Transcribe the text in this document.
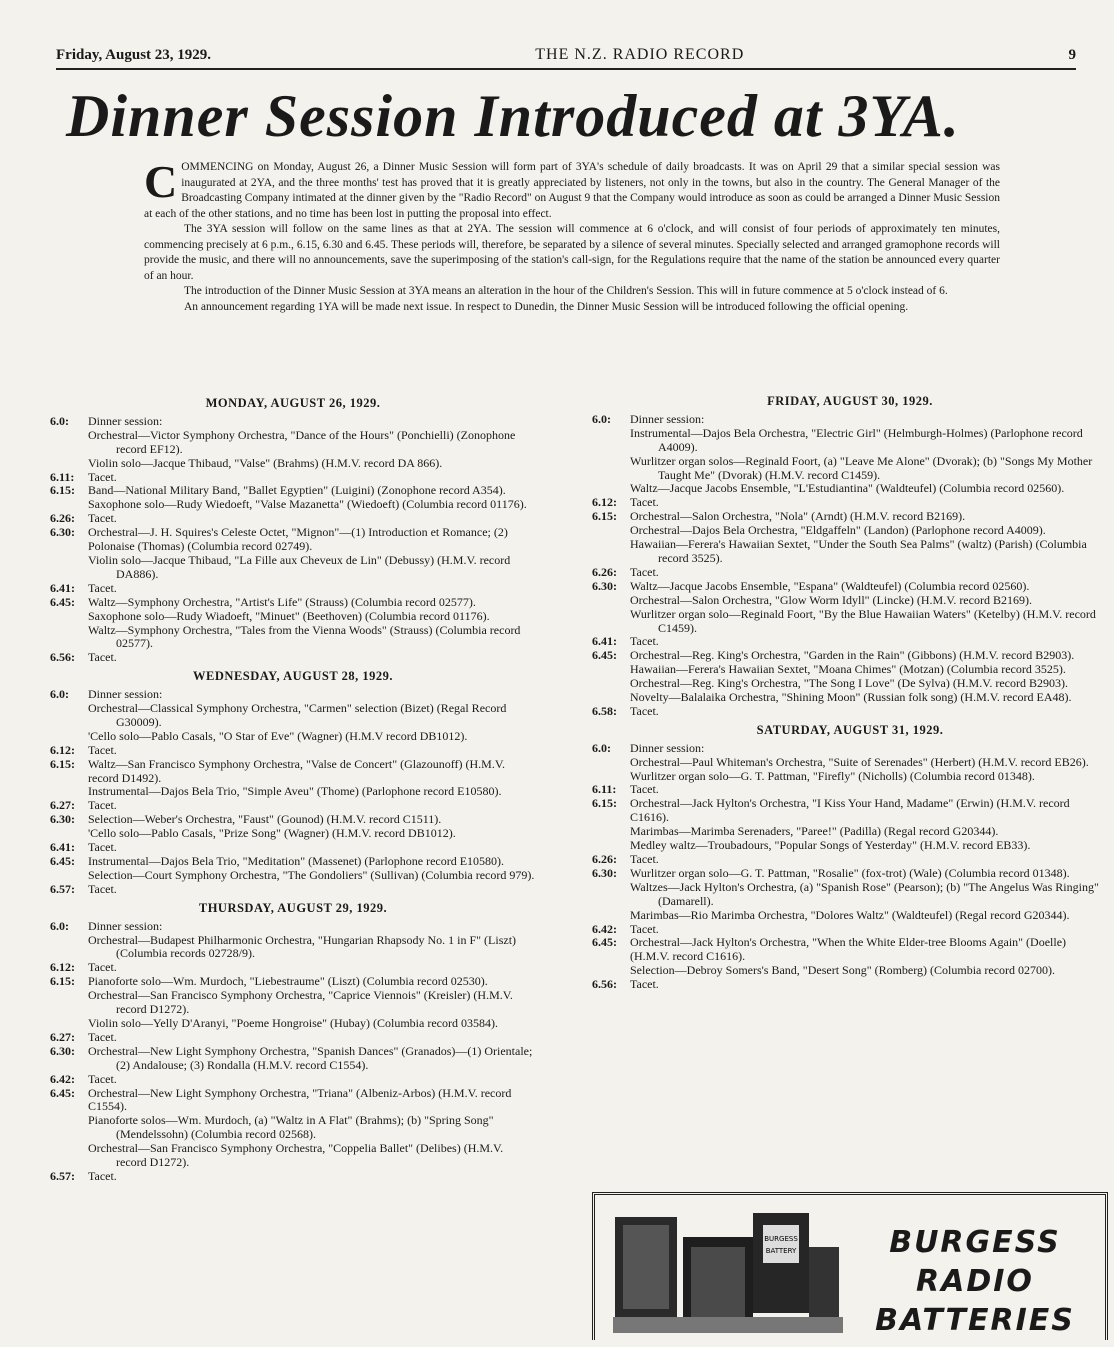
Friday, August 23, 1929.	THE N.Z. RADIO RECORD	9
Dinner Session Introduced at 3YA.

COMMENCING on Monday, August 26, a Dinner Music Session will form part of 3YA's schedule of daily broadcasts. It was on April 29 that a similar special session was inaugurated at 2YA, and the three months' test has proved that it is greatly appreciated by listeners, not only in the towns, but also in the country. The General Manager of the Broadcasting Company intimated at the dinner given by the "Radio Record" on August 9 that the Company would introduce as soon as could be arranged a Dinner Music Session at each of the other stations, and no time has been lost in putting the proposal into effect.

The 3YA session will follow on the same lines as that at 2YA. The session will commence at 6 o'clock, and will consist of four periods of approximately ten minutes, commencing precisely at 6 p.m., 6.15, 6.30 and 6.45. These periods will, therefore, be separated by a silence of several minutes. Specially selected and arranged gramophone records will provide the music, and there will no announcements, save the superimposing of the station's call-sign, for the Regulations require that the name of the station be announced every quarter of an hour.

The introduction of the Dinner Music Session at 3YA means an alteration in the hour of the Children's Session. This will in future commence at 5 o'clock instead of 6.

An announcement regarding 1YA will be made next issue. In respect to Dunedin, the Dinner Music Session will be introduced following the official opening.

MONDAY, AUGUST 26, 1929.
6.0:	Dinner session:
Orchestral—Victor Symphony Orchestra, "Dance of the Hours" (Ponchielli) (Zonophone record EF12).
Violin solo—Jacque Thibaud, "Valse" (Brahms) (H.M.V. record DA 866).
6.11:	Tacet.
6.15:	Band—National Military Band, "Ballet Egyptien" (Luigini) (Zonophone record A354).
Saxophone solo—Rudy Wiedoeft, "Valse Mazanetta" (Wiedoeft) (Columbia record 01176).
6.26:	Tacet.
6.30:	Orchestral—J. H. Squires's Celeste Octet, "Mignon"—(1) Introduction et Romance; (2) Polonaise (Thomas) (Columbia record 02749).
Violin solo—Jacque Thibaud, "La Fille aux Cheveux de Lin" (Debussy) (H.M.V. record DA886).
6.41:	Tacet.
6.45:	Waltz—Symphony Orchestra, "Artist's Life" (Strauss) (Columbia record 02577).
Saxophone solo—Rudy Wiadoeft, "Minuet" (Beethoven) (Columbia record 01176).
Waltz—Symphony Orchestra, "Tales from the Vienna Woods" (Strauss) (Columbia record 02577).
6.56:	Tacet.
WEDNESDAY, AUGUST 28, 1929.
6.0:	Dinner session:
Orchestral—Classical Symphony Orchestra, "Carmen" selection (Bizet) (Regal Record G30009).
'Cello solo—Pablo Casals, "O Star of Eve" (Wagner) (H.M.V record DB1012).
6.12:	Tacet.
6.15:	Waltz—San Francisco Symphony Orchestra, "Valse de Concert" (Glazounoff) (H.M.V. record D1492).
Instrumental—Dajos Bela Trio, "Simple Aveu" (Thome) (Parlophone record E10580).
6.27:	Tacet.
6.30:	Selection—Weber's Orchestra, "Faust" (Gounod) (H.M.V. record C1511).
'Cello solo—Pablo Casals, "Prize Song" (Wagner) (H.M.V. record DB1012).
6.41:	Tacet.
6.45:	Instrumental—Dajos Bela Trio, "Meditation" (Massenet) (Parlophone record E10580).
Selection—Court Symphony Orchestra, "The Gondoliers" (Sullivan) (Columbia record 979).
6.57:	Tacet.
THURSDAY, AUGUST 29, 1929.
6.0:	Dinner session:
Orchestral—Budapest Philharmonic Orchestra, "Hungarian Rhapsody No. 1 in F" (Liszt) (Columbia records 02728/9).
6.12:	Tacet.
6.15:	Pianoforte solo—Wm. Murdoch, "Liebestraume" (Liszt) (Columbia record 02530).
Orchestral—San Francisco Symphony Orchestra, "Caprice Viennois" (Kreisler) (H.M.V. record D1272).
Violin solo—Yelly D'Aranyi, "Poeme Hongroise" (Hubay) (Columbia record 03584).
6.27:	Tacet.
6.30:	Orchestral—New Light Symphony Orchestra, "Spanish Dances" (Granados)—(1) Orientale; (2) Andalouse; (3) Rondalla (H.M.V. record C1554).
6.42:	Tacet.
6.45:	Orchestral—New Light Symphony Orchestra, "Triana" (Albeniz-Arbos) (H.M.V. record C1554).
Pianoforte solos—Wm. Murdoch, (a) "Waltz in A Flat" (Brahms); (b) "Spring Song" (Mendelssohn) (Columbia record 02568).
Orchestral—San Francisco Symphony Orchestra, "Coppelia Ballet" (Delibes) (H.M.V. record D1272).
6.57:	Tacet.
FRIDAY, AUGUST 30, 1929.
6.0:	Dinner session:
Instrumental—Dajos Bela Orchestra, "Electric Girl" (Helmburgh-Holmes) (Parlophone record A4009).
Wurlitzer organ solos—Reginald Foort, (a) "Leave Me Alone" (Dvorak); (b) "Songs My Mother Taught Me" (Dvorak) (H.M.V. record C1459).
Waltz—Jacque Jacobs Ensemble, "L'Estudiantina" (Waldteufel) (Columbia record 02560).
6.12:	Tacet.
6.15:	Orchestral—Salon Orchestra, "Nola" (Arndt) (H.M.V. record B2169).
Orchestral—Dajos Bela Orchestra, "Eldgaffeln" (Landon) (Parlophone record A4009).
Hawaiian—Ferera's Hawaiian Sextet, "Under the South Sea Palms" (waltz) (Parish) (Columbia record 3525).
6.26:	Tacet.
6.30:	Waltz—Jacque Jacobs Ensemble, "Espana" (Waldteufel) (Columbia record 02560).
Orchestral—Salon Orchestra, "Glow Worm Idyll" (Lincke) (H.M.V. record B2169).
Wurlitzer organ solo—Reginald Foort, "By the Blue Hawaiian Waters" (Ketelby) (H.M.V. record C1459).
6.41:	Tacet.
6.45:	Orchestral—Reg. King's Orchestra, "Garden in the Rain" (Gibbons) (H.M.V. record B2903).
Hawaiian—Ferera's Hawaiian Sextet, "Moana Chimes" (Motzan) (Columbia record 3525).
Orchestral—Reg. King's Orchestra, "The Song I Love" (De Sylva) (H.M.V. record B2903).
Novelty—Balalaika Orchestra, "Shining Moon" (Russian folk song) (H.M.V. record EA48).
6.58:	Tacet.
SATURDAY, AUGUST 31, 1929.
6.0:	Dinner session:
Orchestral—Paul Whiteman's Orchestra, "Suite of Serenades" (Herbert) (H.M.V. record EB26).
Wurlitzer organ solo—G. T. Pattman, "Firefly" (Nicholls) (Columbia record 01348).
6.11:	Tacet.
6.15:	Orchestral—Jack Hylton's Orchestra, "I Kiss Your Hand, Madame" (Erwin) (H.M.V. record C1616).
Marimbas—Marimba Serenaders, "Paree!" (Padilla) (Regal record G20344).
Medley waltz—Troubadours, "Popular Songs of Yesterday" (H.M.V. record EB33).
6.26:	Tacet.
6.30:	Wurlitzer organ solo—G. T. Pattman, "Rosalie" (fox-trot) (Wale) (Columbia record 01348).
Waltzes—Jack Hylton's Orchestra, (a) "Spanish Rose" (Pearson); (b) "The Angelus Was Ringing" (Damarell).
Marimbas—Rio Marimba Orchestra, "Dolores Waltz" (Waldteufel) (Regal record G20344).
6.42:	Tacet.
6.45:	Orchestral—Jack Hylton's Orchestra, "When the White Elder-tree Blooms Again" (Doelle) (H.M.V. record C1616).
Selection—Debroy Somers's Band, "Desert Song" (Romberg) (Columbia record 02700).
6.56:	Tacet.
BURGESS
BATTERY	BURGESS
RADIO
BATTERIES
